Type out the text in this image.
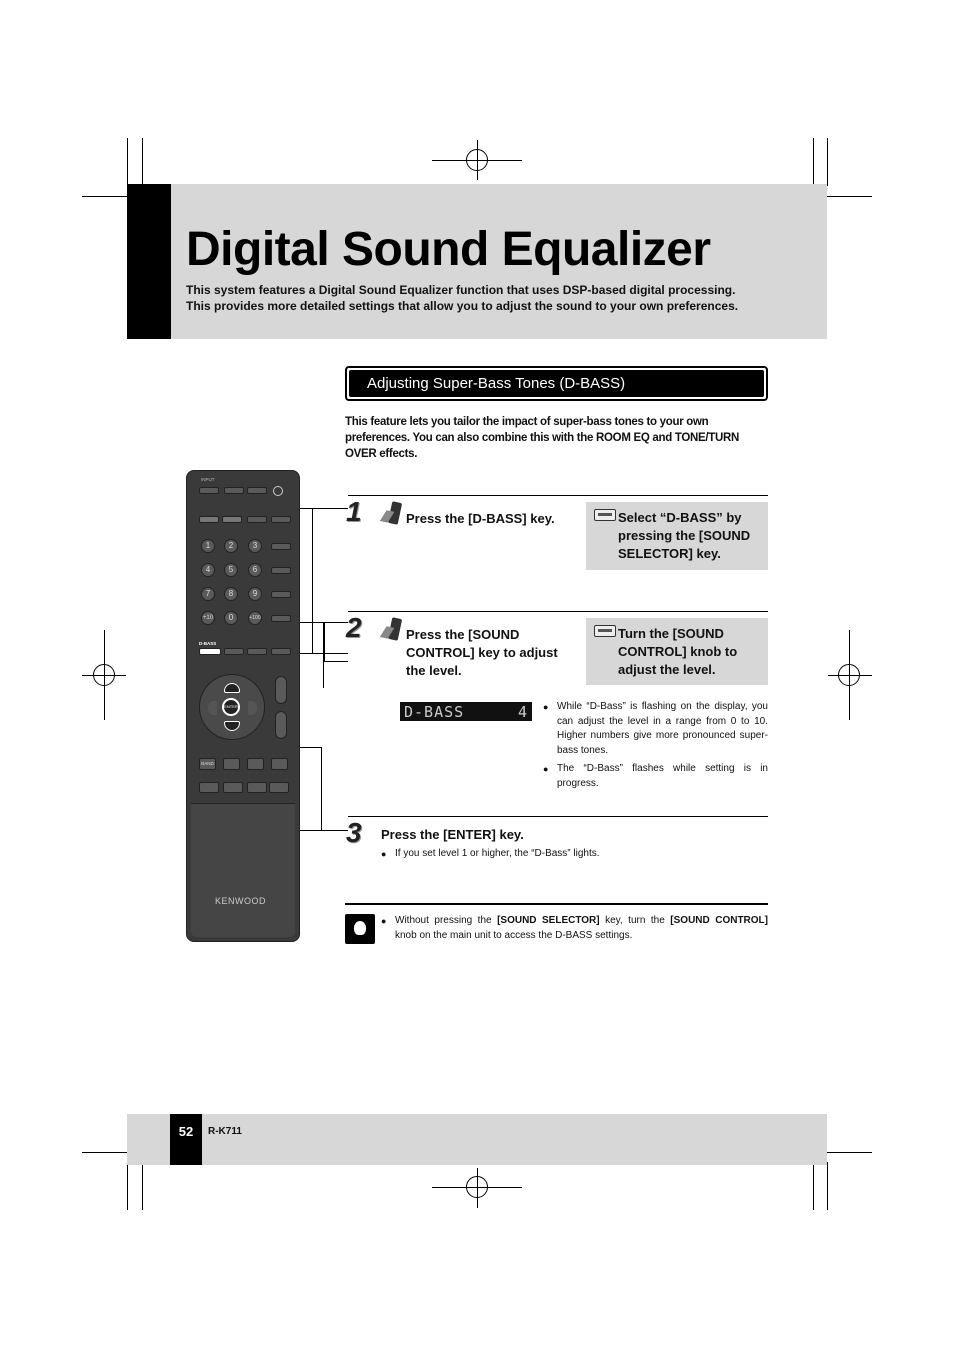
Digital Sound Equalizer

This system features a Digital Sound Equalizer function that uses DSP-based digital processing.

This provides more detailed settings that allow you to adjust the sound to your own preferences.

Adjusting Super-Bass Tones (D-BASS)

This feature lets you tailor the impact of super-bass tones to your own preferences. You can also combine this with the ROOM EQ and TONE/TURN OVER effects.

INPUT
1	2	3
4	5	6
7	8	9
+10	0	+100
D-BASS
ENTER
BAND
KENWOOD
1	Press the [D-BASS] key.	Select “D-BASS” by pressing the [SOUND SELECTOR] key.
2	Press the [SOUND CONTROL] key to adjust the level.
Turn the [SOUND CONTROL] knob to adjust the level.
D-BASS	4

●	While “D-Bass” is flashing on the display, you can adjust the level in a range from 0 to 10. Higher numbers give more pronounced super-bass tones.

● The “D-Bass” flashes while setting is in progress.

3 Press the [ENTER] key.

● If you set level 1 or higher, the “D-Bass” lights.

● Without pressing the [SOUND SELECTOR] key, turn the [SOUND CONTROL] knob on the main unit to access the D-BASS settings.

52	R-K711
